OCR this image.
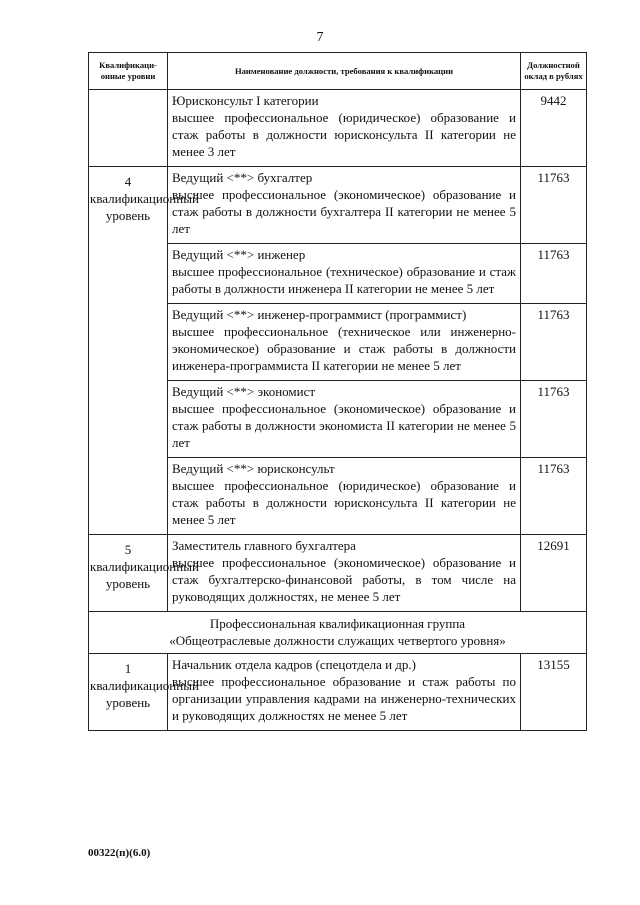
7
Квалификаци-онные уровни	Наименование должности, требования к квалификации	Должностной оклад в рублях

	Юрисконсульт I категории
высшее профессиональное (юридическое) образование и стаж работы в должности юрисконсульта II категории не менее 3 лет	9442
4 квалификационный уровень	Ведущий <**> бухгалтер
высшее профессиональное (экономическое) образование и стаж работы в должности бухгалтера II категории не менее 5 лет	11763

	Ведущий <**> инженер
высшее профессиональное (техническое) образование и стаж работы в должности инженера II категории не менее 5 лет	11763

	Ведущий <**> инженер-программист (программист)
высшее профессиональное (техническое или инженерно-экономическое) образование и стаж работы в должности инженера-программиста II категории не менее 5 лет	11763

	Ведущий <**> экономист
высшее профессиональное (экономическое) образование и стаж работы в должности экономиста II категории не менее 5 лет	11763

	Ведущий <**> юрисконсульт
высшее профессиональное (юридическое) образование и стаж работы в должности юрисконсульта II категории не менее 5 лет	11763
5 квалификационный уровень	Заместитель главного бухгалтера
высшее профессиональное (экономическое) образование и стаж бухгалтерско-финансовой работы, в том числе на руководящих должностях, не менее 5 лет	12691

Профессиональная квалификационная группа
«Общеотраслевые должности служащих четвертого уровня»		

1 квалификационный уровень	Начальник отдела кадров (спецотдела и др.)
высшее профессиональное образование и стаж работы по организации управления кадрами на инженерно-технических и руководящих должностях не менее 5 лет	13155
00322(п)(6.0)
